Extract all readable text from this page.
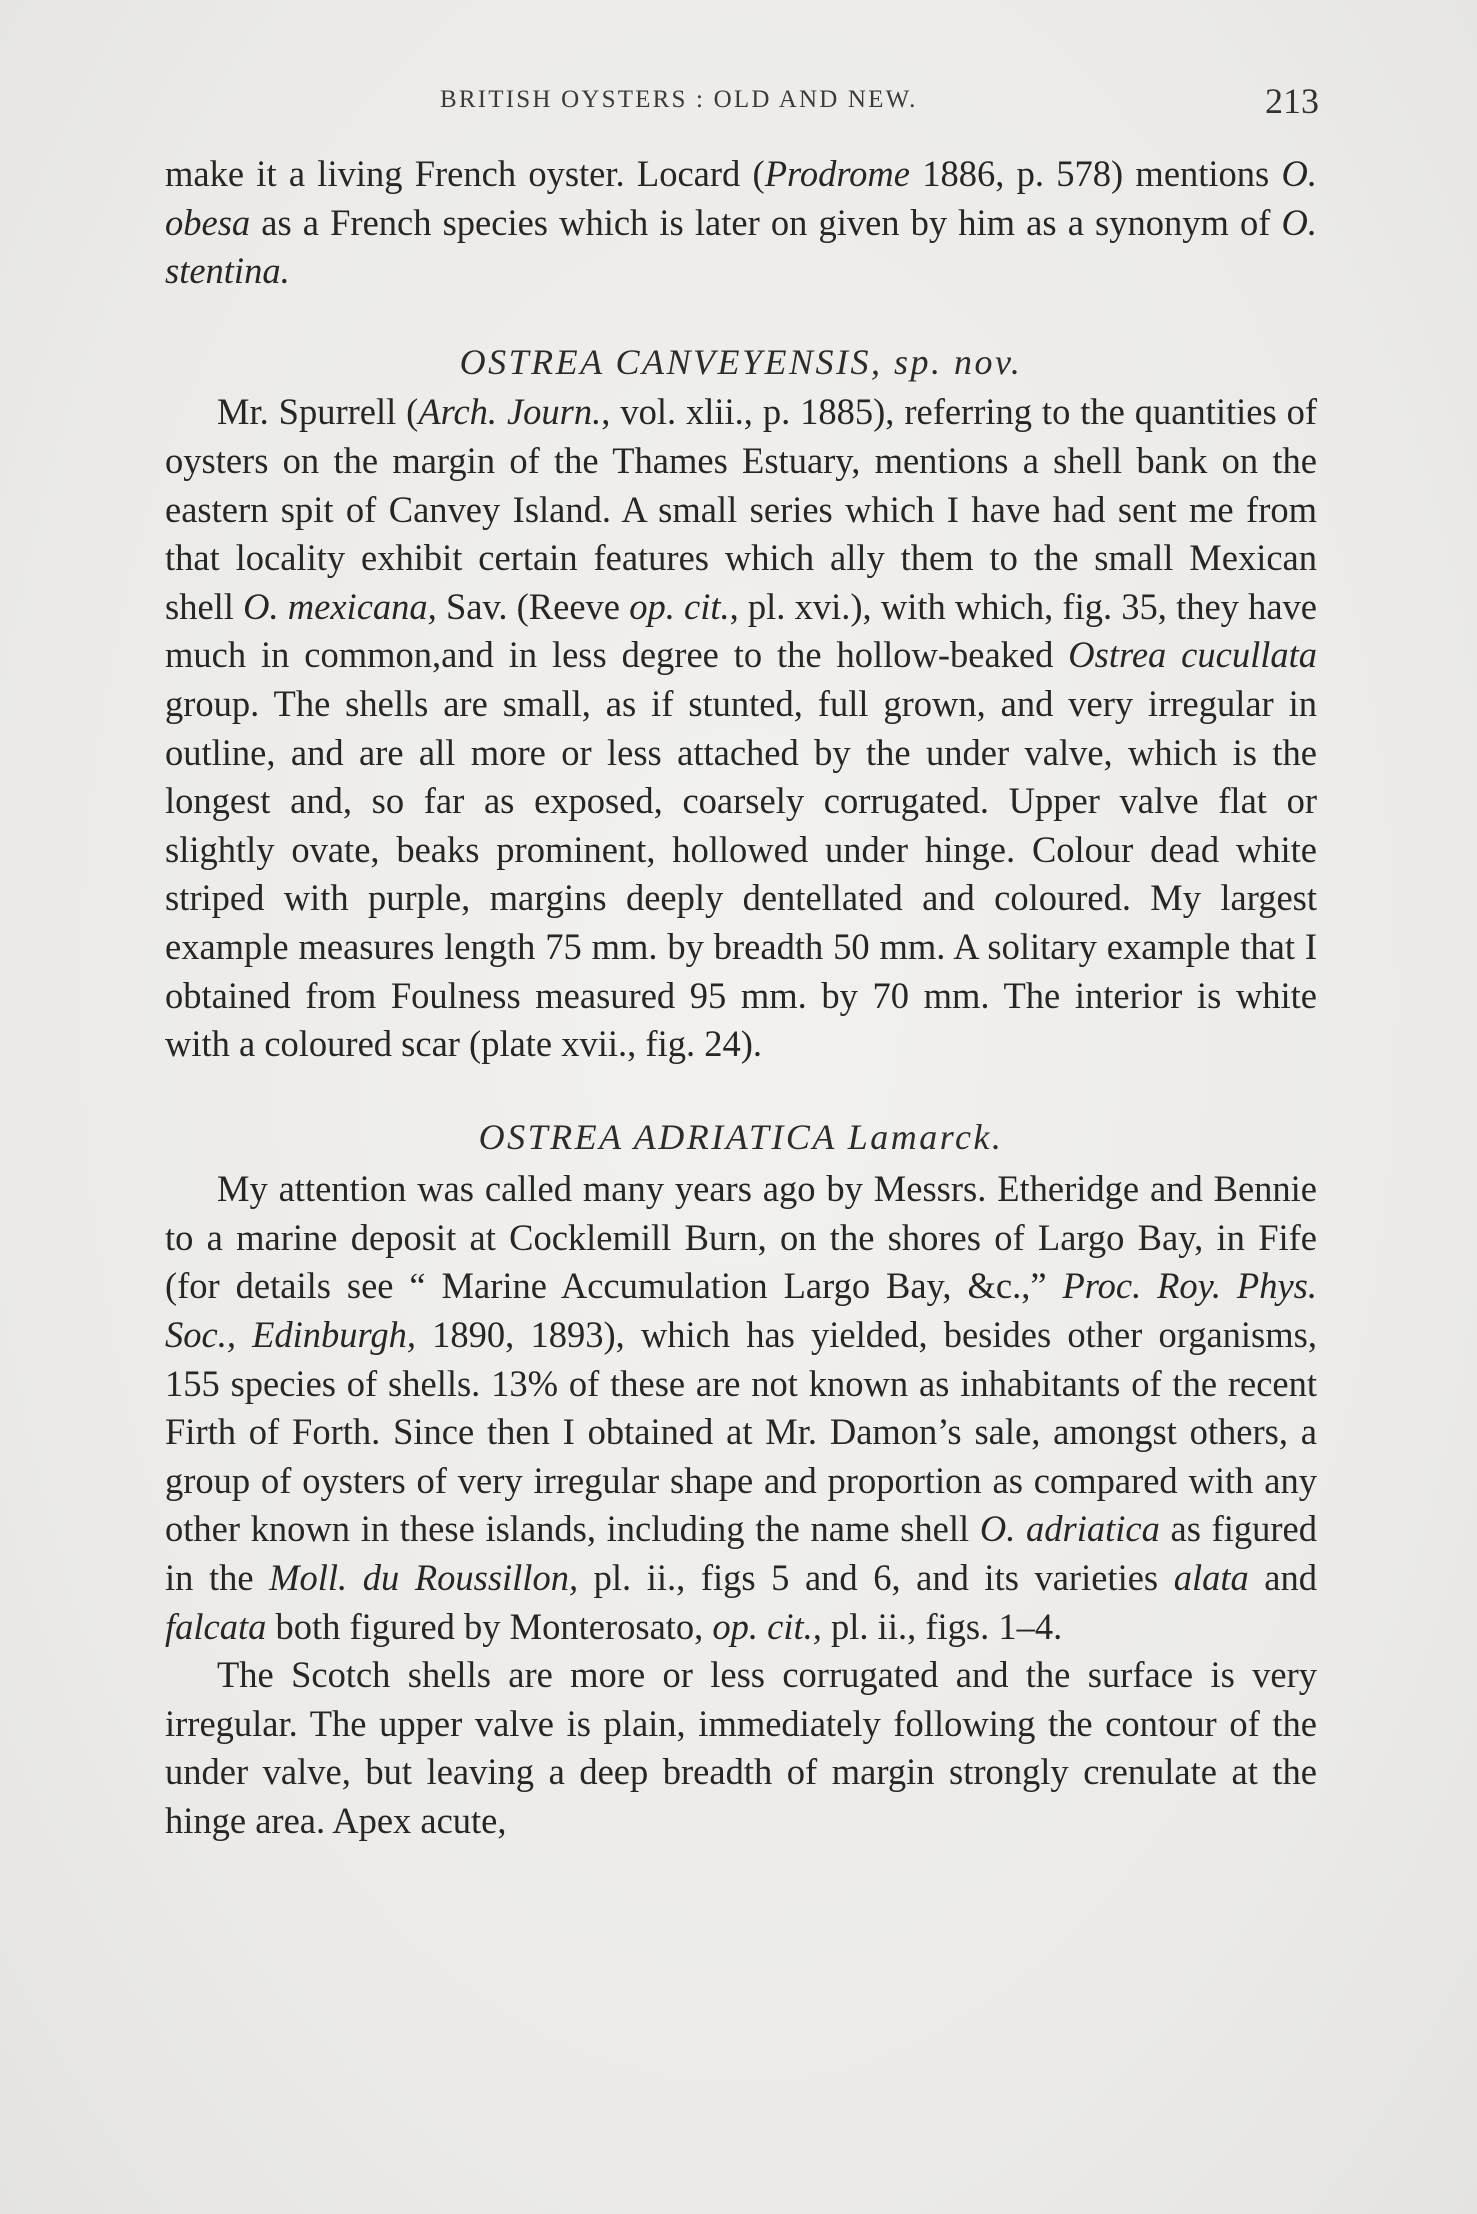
BRITISH OYSTERS : OLD AND NEW.	213

make it a living French oyster. Locard (Prodrome 1886, p. 578) mentions O. obesa as a French species which is later on given by him as a synonym of O. stentina.

OSTREA CANVEYENSIS, sp. nov.

Mr. Spurrell (Arch. Journ., vol. xlii., p. 1885), referring to the quantities of oysters on the margin of the Thames Estuary, mentions a shell bank on the eastern spit of Canvey Island. A small series which I have had sent me from that locality exhibit certain features which ally them to the small Mexican shell O. mexicana, Sav. (Reeve op. cit., pl. xvi.), with which, fig. 35, they have much in common,and in less degree to the hollow-beaked Ostrea cucullata group. The shells are small, as if stunted, full grown, and very irregular in outline, and are all more or less attached by the under valve, which is the longest and, so far as exposed, coarsely corrugated. Upper valve flat or slightly ovate, beaks prominent, hollowed under hinge. Colour dead white striped with purple, margins deeply dentellated and coloured. My largest example measures length 75 mm. by breadth 50 mm. A solitary example that I obtained from Foulness measured 95 mm. by 70 mm. The interior is white with a coloured scar (plate xvii., fig. 24).

OSTREA ADRIATICA Lamarck.

My attention was called many years ago by Messrs. Etheridge and Bennie to a marine deposit at Cocklemill Burn, on the shores of Largo Bay, in Fife (for details see “ Marine Accumulation Largo Bay, &c.,” Proc. Roy. Phys. Soc., Edinburgh, 1890, 1893), which has yielded, besides other organisms, 155 species of shells. 13% of these are not known as inhabitants of the recent Firth of Forth. Since then I obtained at Mr. Damon’s sale, amongst others, a group of oysters of very irregular shape and proportion as compared with any other known in these islands, including the name shell O. adriatica as figured in the Moll. du Roussillon, pl. ii., figs 5 and 6, and its varieties alata and falcata both figured by Monterosato, op. cit., pl. ii., figs. 1–4.

The Scotch shells are more or less corrugated and the surface is very irregular. The upper valve is plain, immediately following the contour of the under valve, but leaving a deep breadth of margin strongly crenulate at the hinge area. Apex acute,
